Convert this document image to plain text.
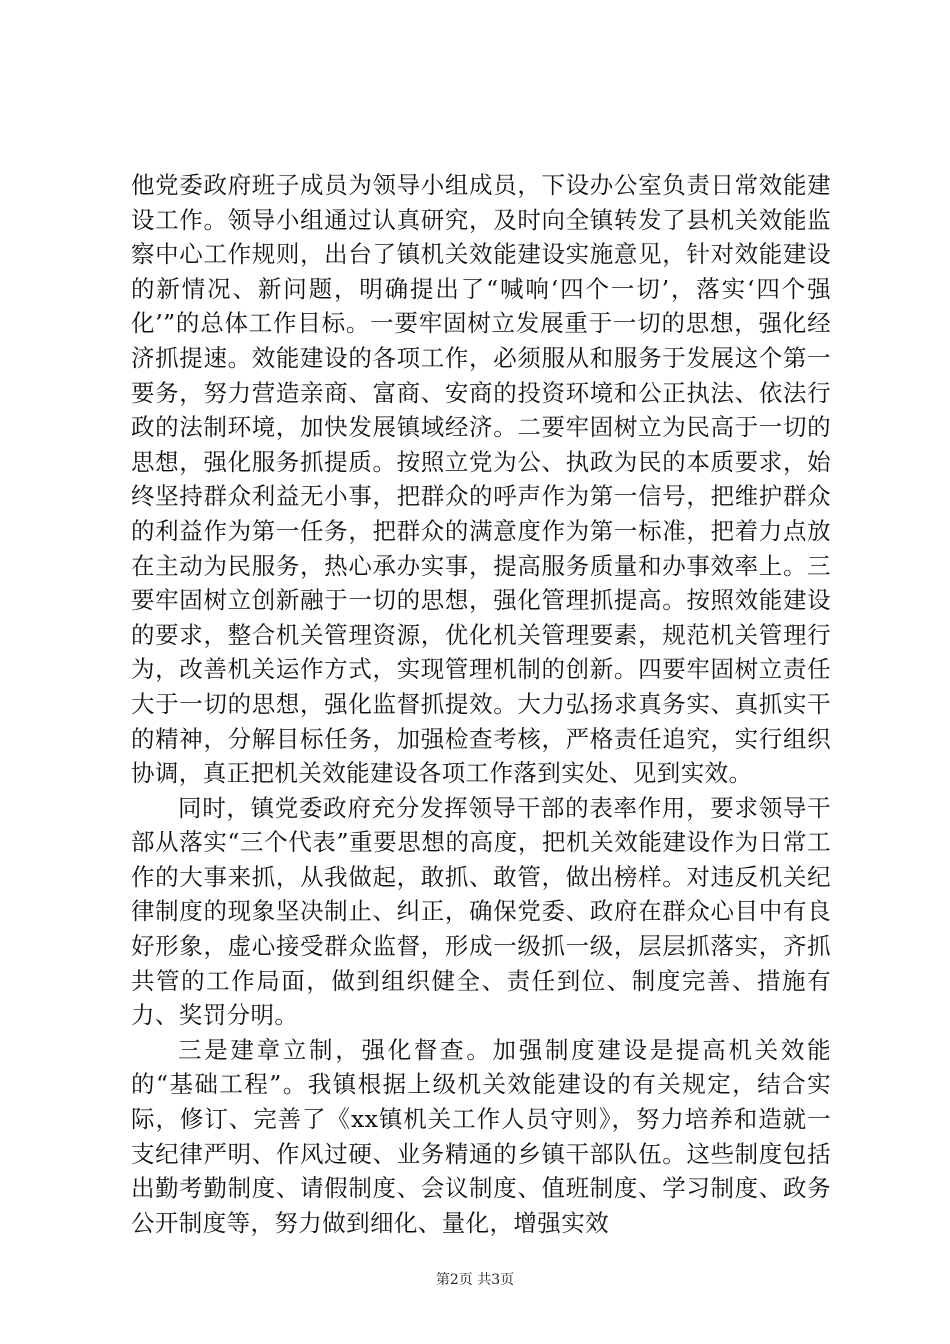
他党委政府班子成员为领导小组成员，下设办公室负责日常效能建设工作。领导小组通过认真研究，及时向全镇转发了县机关效能监察中心工作规则，出台了镇机关效能建设实施意见，针对效能建设的新情况、新问题，明确提出了“喊响‘四个一切’，落实‘四个强化’”的总体工作目标。一要牢固树立发展重于一切的思想，强化经济抓提速。效能建设的各项工作，必须服从和服务于发展这个第一要务，努力营造亲商、富商、安商的投资环境和公正执法、依法行政的法制环境，加快发展镇域经济。二要牢固树立为民高于一切的思想，强化服务抓提质。按照立党为公、执政为民的本质要求，始终坚持群众利益无小事，把群众的呼声作为第一信号，把维护群众的利益作为第一任务，把群众的满意度作为第一标准，把着力点放在主动为民服务，热心承办实事，提高服务质量和办事效率上。三要牢固树立创新融于一切的思想，强化管理抓提高。按照效能建设的要求，整合机关管理资源，优化机关管理要素，规范机关管理行为，改善机关运作方式，实现管理机制的创新。四要牢固树立责任大于一切的思想，强化监督抓提效。大力弘扬求真务实、真抓实干的精神，分解目标任务，加强检查考核，严格责任追究，实行组织协调，真正把机关效能建设各项工作落到实处、见到实效。

同时，镇党委政府充分发挥领导干部的表率作用，要求领导干部从落实“三个代表”重要思想的高度，把机关效能建设作为日常工作的大事来抓，从我做起，敢抓、敢管，做出榜样。对违反机关纪律制度的现象坚决制止、纠正，确保党委、政府在群众心目中有良好形象，虚心接受群众监督，形成一级抓一级，层层抓落实，齐抓共管的工作局面，做到组织健全、责任到位、制度完善、措施有力、奖罚分明。

三是建章立制，强化督查。加强制度建设是提高机关效能的“基础工程”。我镇根据上级机关效能建设的有关规定，结合实际，修订、完善了《xx镇机关工作人员守则》，努力培养和造就一支纪律严明、作风过硬、业务精通的乡镇干部队伍。这些制度包括出勤考勤制度、请假制度、会议制度、值班制度、学习制度、政务公开制度等，努力做到细化、量化，增强实效

第2页 共3页
